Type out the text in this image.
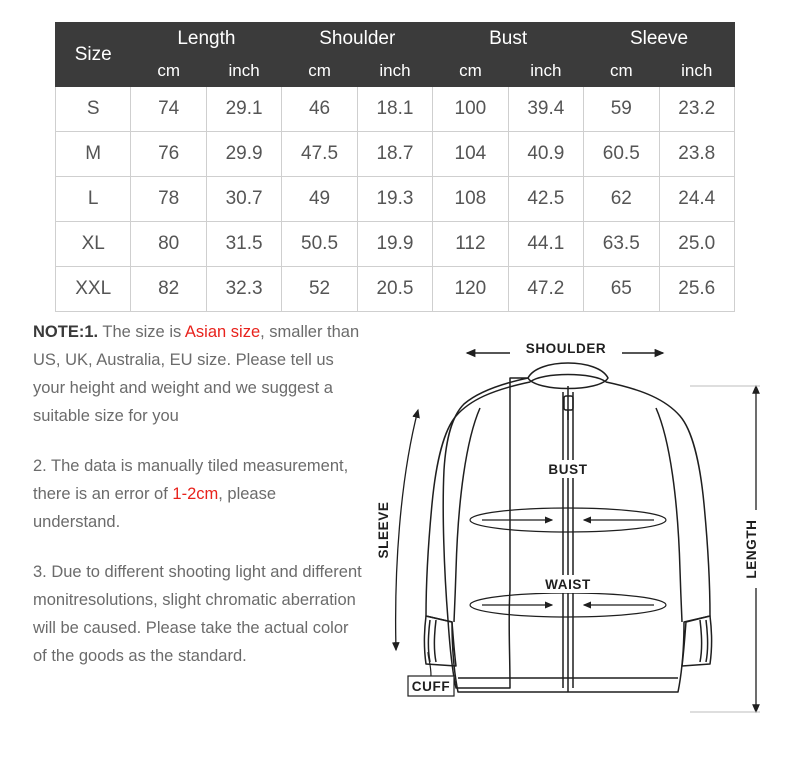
Size	Length		Shoulder		Bust		Sleeve	
	cm	inch	cm	inch	cm	inch	cm	inch
S	74	29.1	46	18.1	100	39.4	59	23.2
M	76	29.9	47.5	18.7	104	40.9	60.5	23.8
L	78	30.7	49	19.3	108	42.5	62	24.4
XL	80	31.5	50.5	19.9	112	44.1	63.5	25.0
XXL	82	32.3	52	20.5	120	47.2	65	25.6

NOTE:1. The size is Asian size, smaller than US, UK, Australia, EU size. Please tell us your height and weight and we suggest a suitable size for you

2. The data is manually tiled measurement, there is an error of 1-2cm, please understand.

3. Due to different shooting light and different monitresolutions, slight chromatic aberration will be caused. Please take the actual color of the goods as the standard.

SHOULDER
BUST
WAIST
SLEEVE	LENGTH
CUFF
